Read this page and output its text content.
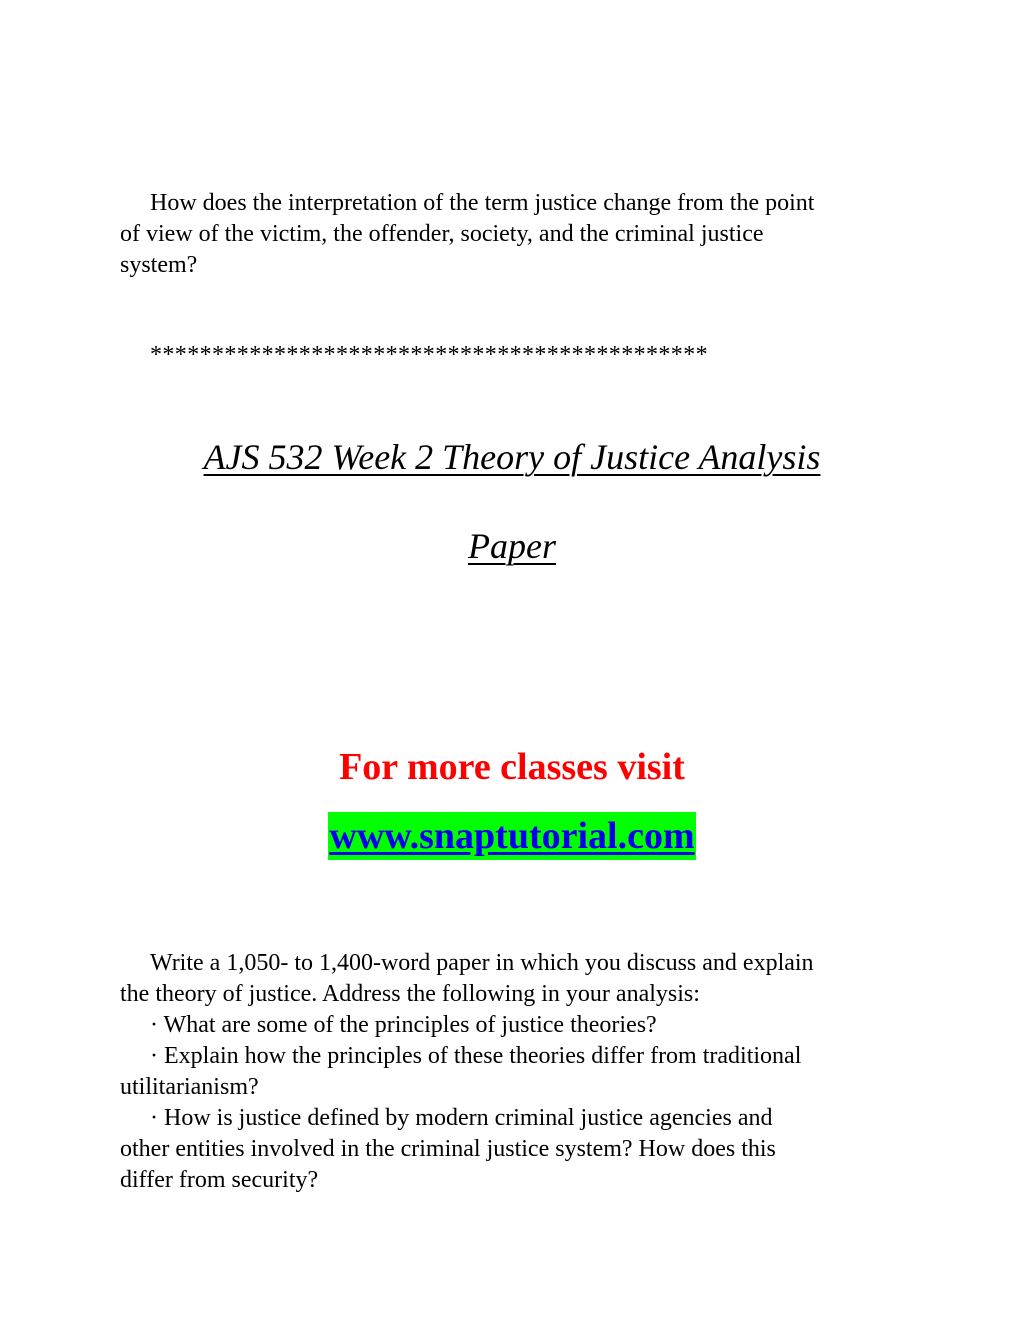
How does the interpretation of the term justice change from the point
of view of the victim, the offender, society, and the criminal justice
system?

*********************************************

AJS 532 Week 2 Theory of Justice Analysis

Paper

For more classes visit

www.snaptutorial.com

Write a 1,050- to 1,400-word paper in which you discuss and explain
the theory of justice. Address the following in your analysis:
· What are some of the principles of justice theories?
· Explain how the principles of these theories differ from traditional
utilitarianism?
· How is justice defined by modern criminal justice agencies and
other entities involved in the criminal justice system? How does this
differ from security?
